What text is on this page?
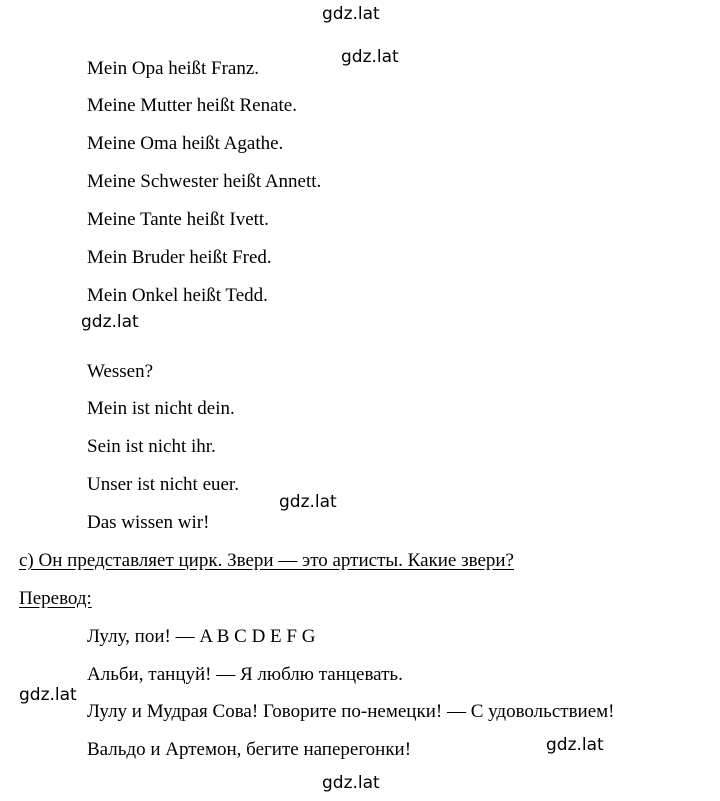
gdz.lat
gdz.lat
gdz.lat
gdz.lat
gdz.lat
gdz.lat
gdz.lat
Mein Opa heißt Franz.
Meine Mutter heißt Renate.
Meine Oma heißt Agathe.
Meine Schwester heißt Annett.
Meine Tante heißt Ivett.
Mein Bruder heißt Fred.
Mein Onkel heißt Tedd.
Wessen?
Mein ist nicht dein.
Sein ist nicht ihr.
Unser ist nicht euer.
Das wissen wir!
с) Он представляет цирк. Звери — это артисты. Какие звери?
Перевод:
Лулу, пои! — A B C D E F G
Альби, танцуй! — Я люблю танцевать.
Лулу и Мудрая Сова! Говорите по-немецки! — С удовольствием!
Вальдо и Артемон, бегите наперегонки!
